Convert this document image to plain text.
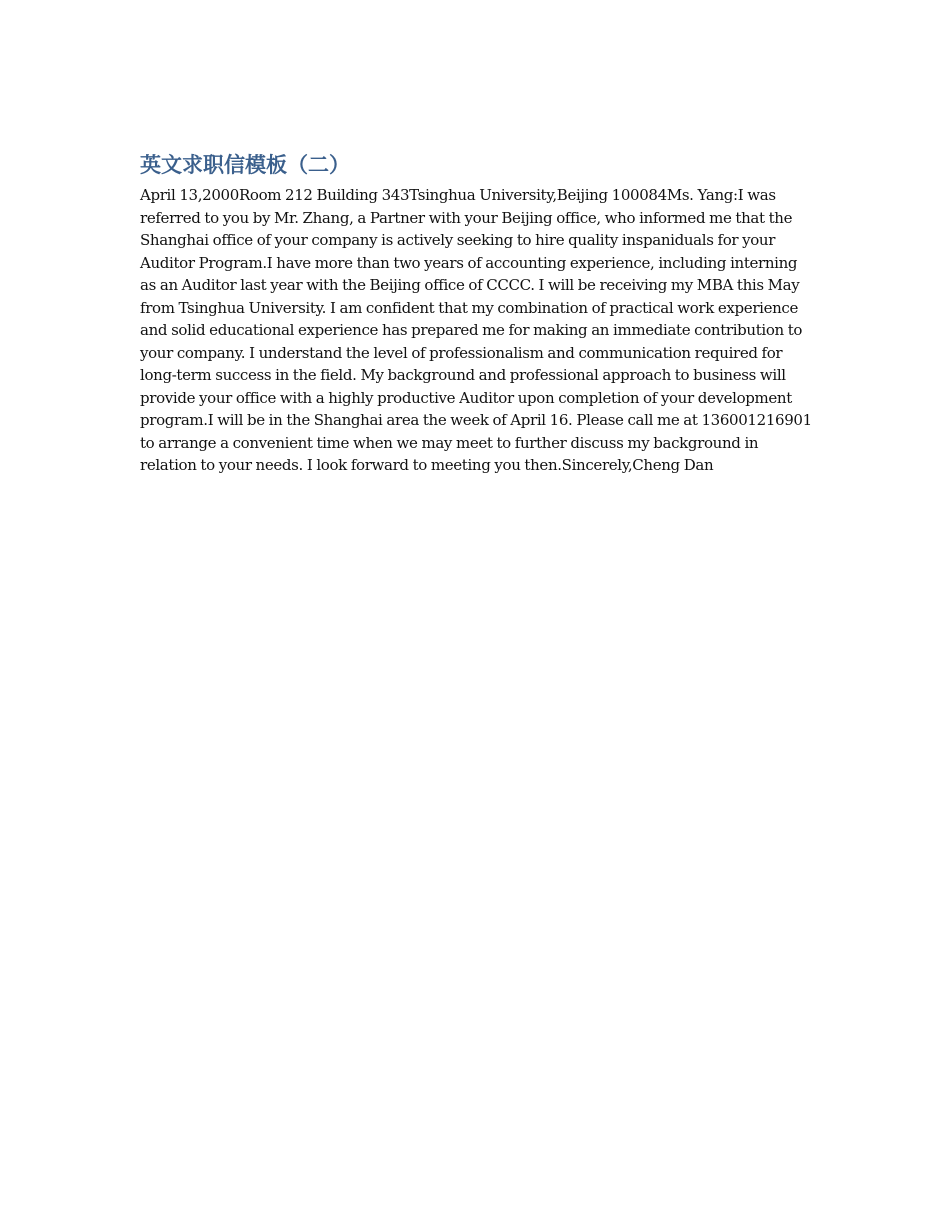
英文求职信模板（二）

April 13,2000Room 212 Building 343Tsinghua University,Beijing 100084Ms. Yang:I was referred to you by Mr. Zhang, a Partner with your Beijing office, who informed me that the Shanghai office of your company is actively seeking to hire quality inspaniduals for your Auditor Program.I have more than two years of accounting experience, including interning as an Auditor last year with the Beijing office of CCCC. I will be receiving my MBA this May from Tsinghua University. I am confident that my combination of practical work experience and solid educational experience has prepared me for making an immediate contribution to your company. I understand the level of professionalism and communication required for long-term success in the field. My background and professional approach to business will provide your office with a highly productive Auditor upon completion of your development program.I will be in the Shanghai area the week of April 16. Please call me at 136001216901 to arrange a convenient time when we may meet to further discuss my background in relation to your needs. I look forward to meeting you then.Sincerely,Cheng Dan
